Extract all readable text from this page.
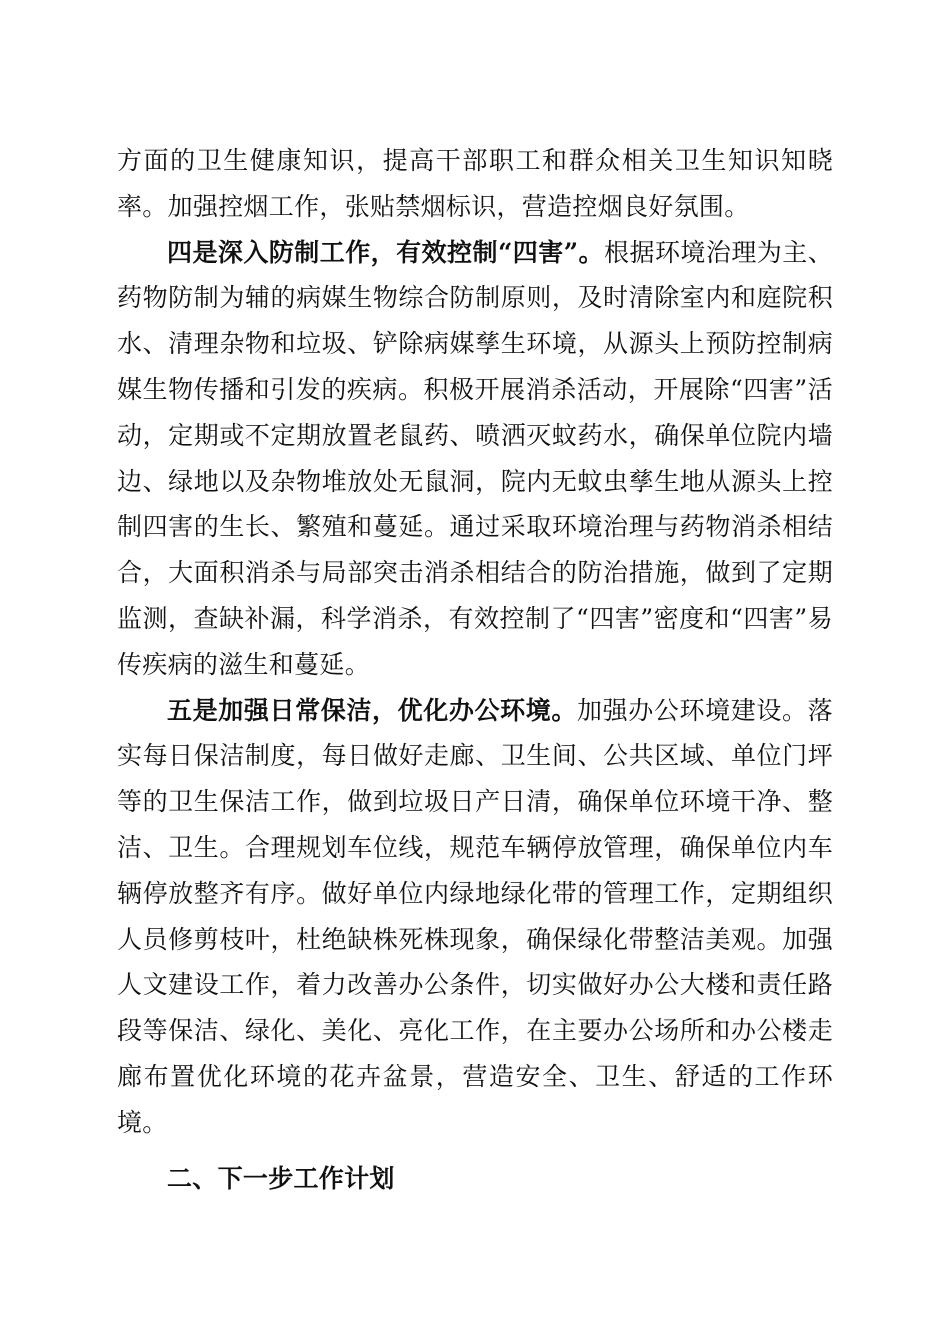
方面的卫生健康知识，提高干部职工和群众相关卫生知识知晓率。加强控烟工作，张贴禁烟标识，营造控烟良好氛围。

四是深入防制工作，有效控制“四害”。根据环境治理为主、药物防制为辅的病媒生物综合防制原则，及时清除室内和庭院积水、清理杂物和垃圾、铲除病媒孳生环境，从源头上预防控制病媒生物传播和引发的疾病。积极开展消杀活动，开展除“四害”活动，定期或不定期放置老鼠药、喷洒灭蚊药水，确保单位院内墙边、绿地以及杂物堆放处无鼠洞，院内无蚊虫孳生地从源头上控制四害的生长、繁殖和蔓延。通过采取环境治理与药物消杀相结合，大面积消杀与局部突击消杀相结合的防治措施，做到了定期监测，查缺补漏，科学消杀，有效控制了“四害”密度和“四害”易传疾病的滋生和蔓延。

五是加强日常保洁，优化办公环境。加强办公环境建设。落实每日保洁制度，每日做好走廊、卫生间、公共区域、单位门坪等的卫生保洁工作，做到垃圾日产日清，确保单位环境干净、整洁、卫生。合理规划车位线，规范车辆停放管理，确保单位内车辆停放整齐有序。做好单位内绿地绿化带的管理工作，定期组织人员修剪枝叶，杜绝缺株死株现象，确保绿化带整洁美观。加强人文建设工作，着力改善办公条件，切实做好办公大楼和责任路段等保洁、绿化、美化、亮化工作，在主要办公场所和办公楼走廊布置优化环境的花卉盆景，营造安全、卫生、舒适的工作环境。

二、下一步工作计划
